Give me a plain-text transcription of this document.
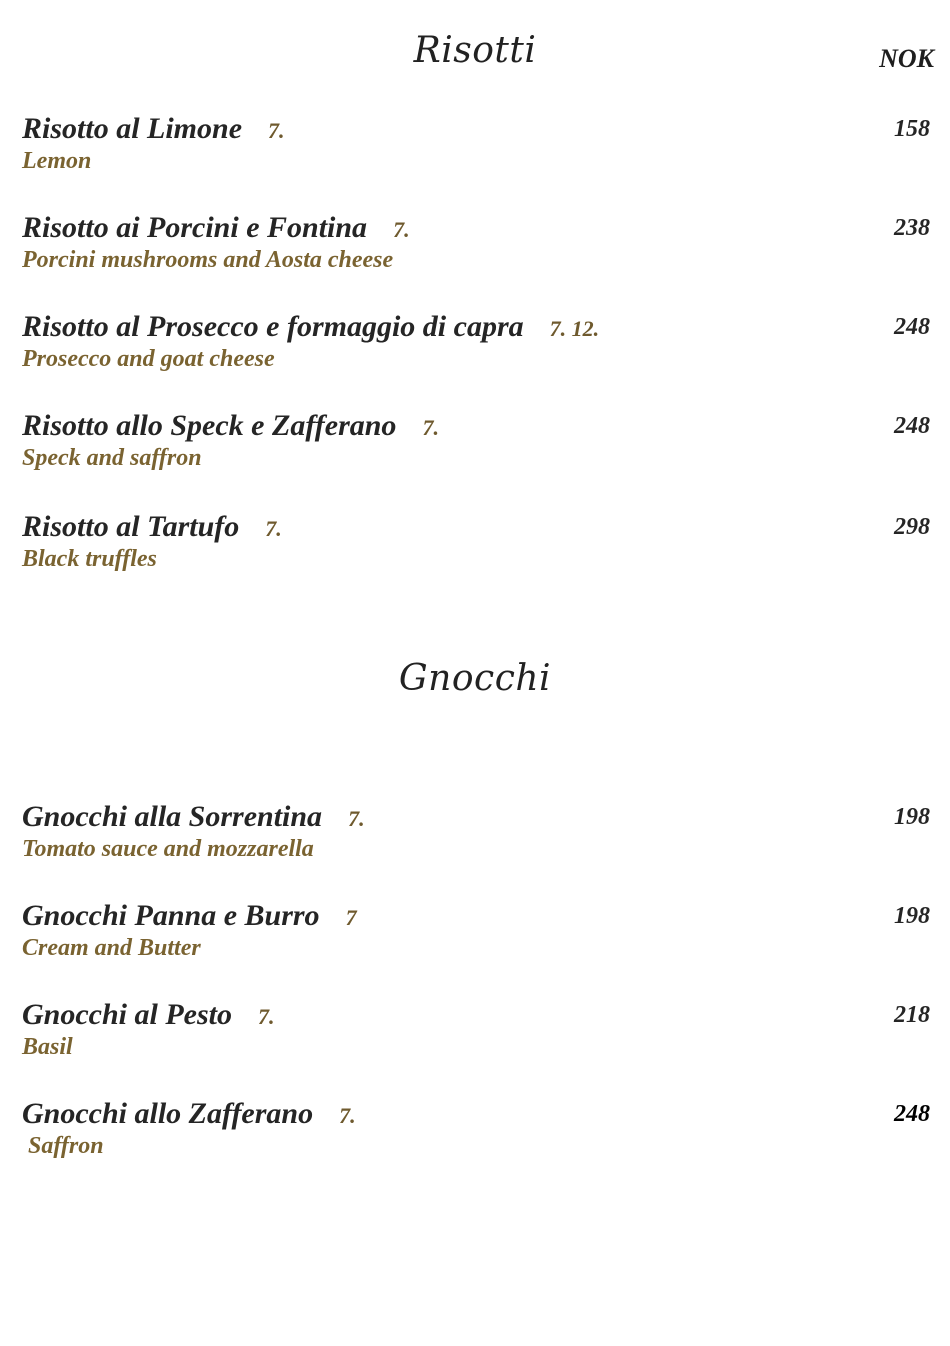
Risotti	NOK
Risotto al Limone 7.
Lemon
158
Risotto ai Porcini e Fontina 7.
Porcini mushrooms and Aosta cheese
238
Risotto al Prosecco e formaggio di capra 7. 12.
Prosecco and goat cheese
248
Risotto allo Speck e Zafferano 7.
Speck and saffron
248
Risotto al Tartufo 7.
Black truffles
298
Gnocchi
Gnocchi alla Sorrentina 7.
Tomato sauce and mozzarella
198
Gnocchi Panna e Burro 7
Cream and Butter
198
Gnocchi al Pesto 7.
Basil
218
Gnocchi allo Zafferano 7.
Saffron
248
